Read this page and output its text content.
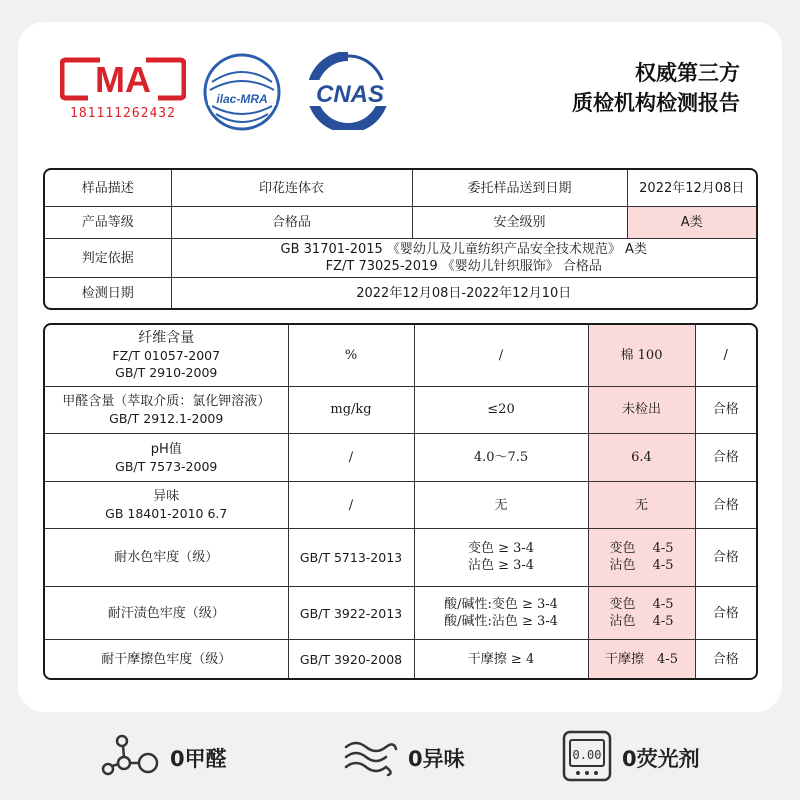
MA
181111262432
ilac-MRA CNAS
权威第三方
质检机构检测报告
样品描述	印花连体衣	委托样品送到日期	2022年12月08日
产品等级	合格品	安全级别	A类
判定依据	GB 31701-2015 《婴幼儿及儿童纺织产品安全技术规范》 A类
FZ/T 73025-2019 《婴幼儿针织服饰》 合格品		

检测日期	2022年12月08日-2022年12月10日		
纤维含量
FZ/T 01057-2007
GB/T 2910-2009	%	/	棉 100	/

甲醛含量（萃取介质：氯化钾溶液）
GB/T 2912.1-2009	mg/kg	≤20	未检出	合格

pH值
GB/T 7573-2009	/	4.0～7.5	6.4	合格

异味
GB 18401-2010 6.7	/	无	无	合格

耐水色牢度（级）	GB/T 5713-2013	变色 ≥ 3-4
沾色 ≥ 3-4	变色　 4-5
沾色　 4-5	合格

耐汗渍色牢度（级）	GB/T 3922-2013	酸/碱性:变色 ≥ 3-4
酸/碱性:沾色 ≥ 3-4	变色　 4-5
沾色　 4-5	合格

耐干摩擦色牢度（级）	GB/T 3920-2008	干摩擦 ≥ 4	干摩擦　4-5	合格
0甲醛	0异味	0.00 0荧光剂
